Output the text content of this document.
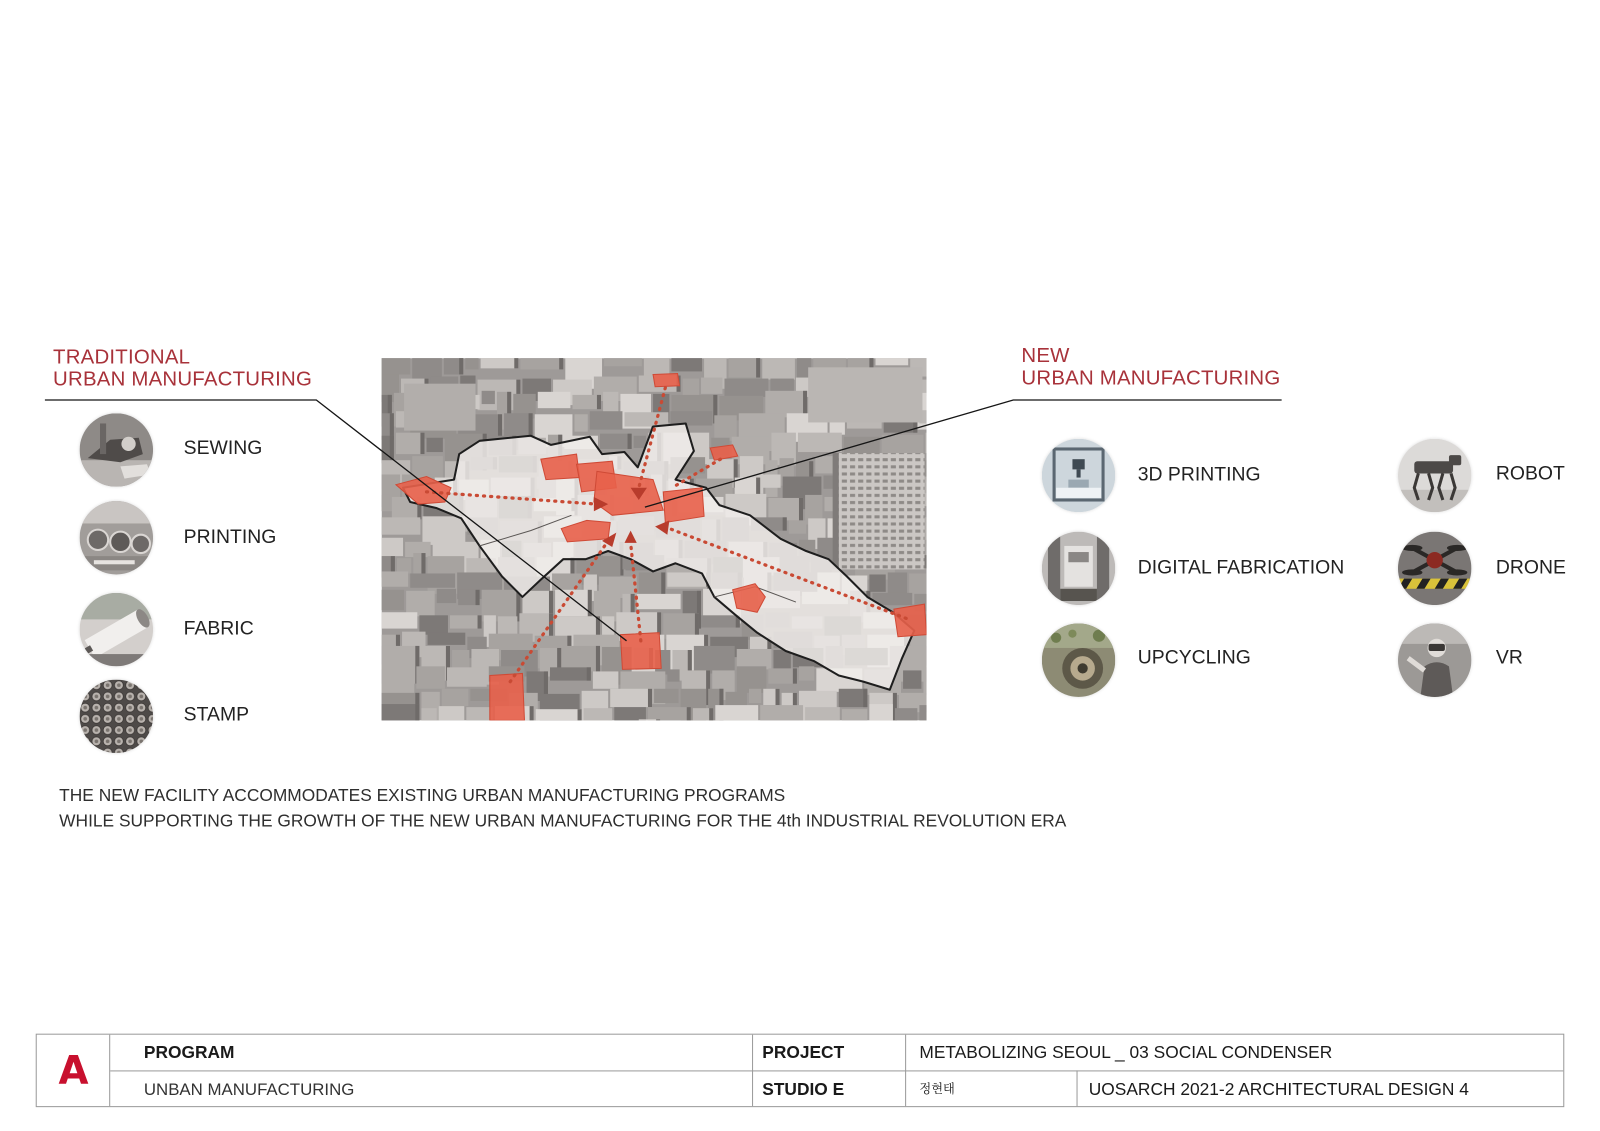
TRADITIONAL
URBAN MANUFACTURING
SEWING
PRINTING
FABRIC
STAMP
NEW
URBAN MANUFACTURING
3D PRINTING
DIGITAL FABRICATION
UPCYCLING
ROBOT
DRONE
VR
THE NEW FACILITY ACCOMMODATES EXISTING URBAN MANUFACTURING PROGRAMS
WHILE SUPPORTING THE GROWTH OF THE NEW URBAN MANUFACTURING FOR THE 4th INDUSTRIAL REVOLUTION ERA
A	PROGRAM
UNBAN MANUFACTURING
PROJECT
STUDIO E
METABOLIZING SEOUL _ 03 SOCIAL CONDENSER
정현태	UOSARCH 2021-2 ARCHITECTURAL DESIGN 4
